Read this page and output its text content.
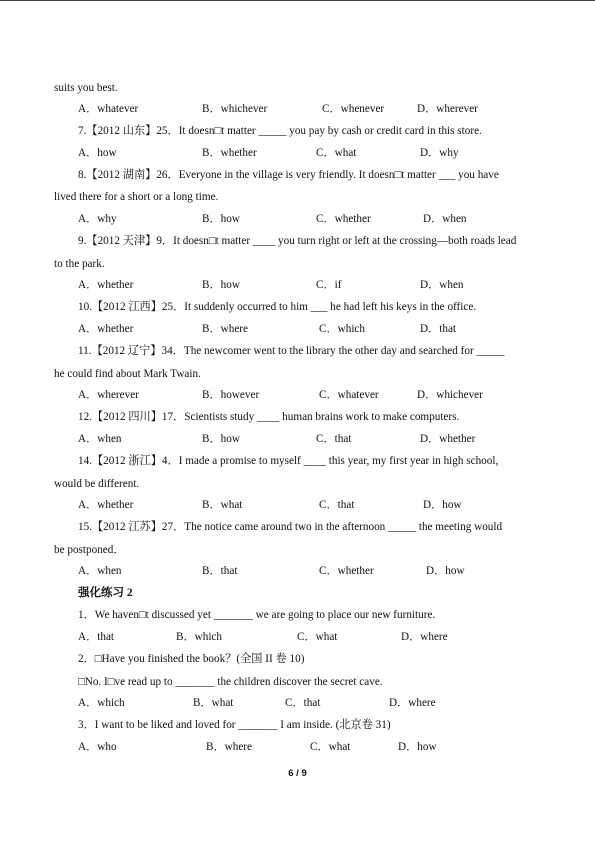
suits you best.
A．whatever	B．whichever	C．whenever	D．wherever
7.【2012 山东】25．It doesn□t matter _____ you pay by cash or credit card in this store.
A．how	B．whether	C．what	D．why
8.【2012 湖南】26．Everyone in the village is very friendly. It doesn□t matter ___ you have
lived there for a short or a long time.
A．why	B．how	C．whether	D．when
9.【2012 天津】9．It doesn□t matter ____ you turn right or left at the crossing—both roads lead
to the park.
A．whether	B．how	C．if	D．when
10.【2012 江西】25．It suddenly occurred to him ___ he had left his keys in the office.
A．whether	B．where	C．which	D．that
11.【2012 辽宁】34．The newcomer went to the library the other day and searched for _____
he could find about Mark Twain.
A．wherever	B．however	C．whatever	D．whichever
12.【2012 四川】17．Scientists study ____ human brains work to make computers.
A．when	B．how	C．that	D．whether
14.【2012 浙江】4．I made a promise to myself ____ this year, my first year in high school,
would be different.
A．whether	B．what	C．that	D．how
15.【2012 江苏】27．The notice came around two in the afternoon _____ the meeting would
be postponed．
A．when	B．that	C．whether	D．how
强化练习 2
1．We haven□t discussed yet _______ we are going to place our new furniture.
A．that	B．which	C．what	D．where
2．□Have you finished the book？(全国 II 卷 10)
□No. I□ve read up to _______ the children discover the secret cave.
A．which	B．what	C．that	D．where
3．I want to be liked and loved for _______ I am inside. (北京卷 31)
A．who	B．where	C．what	D．how
6 / 9
